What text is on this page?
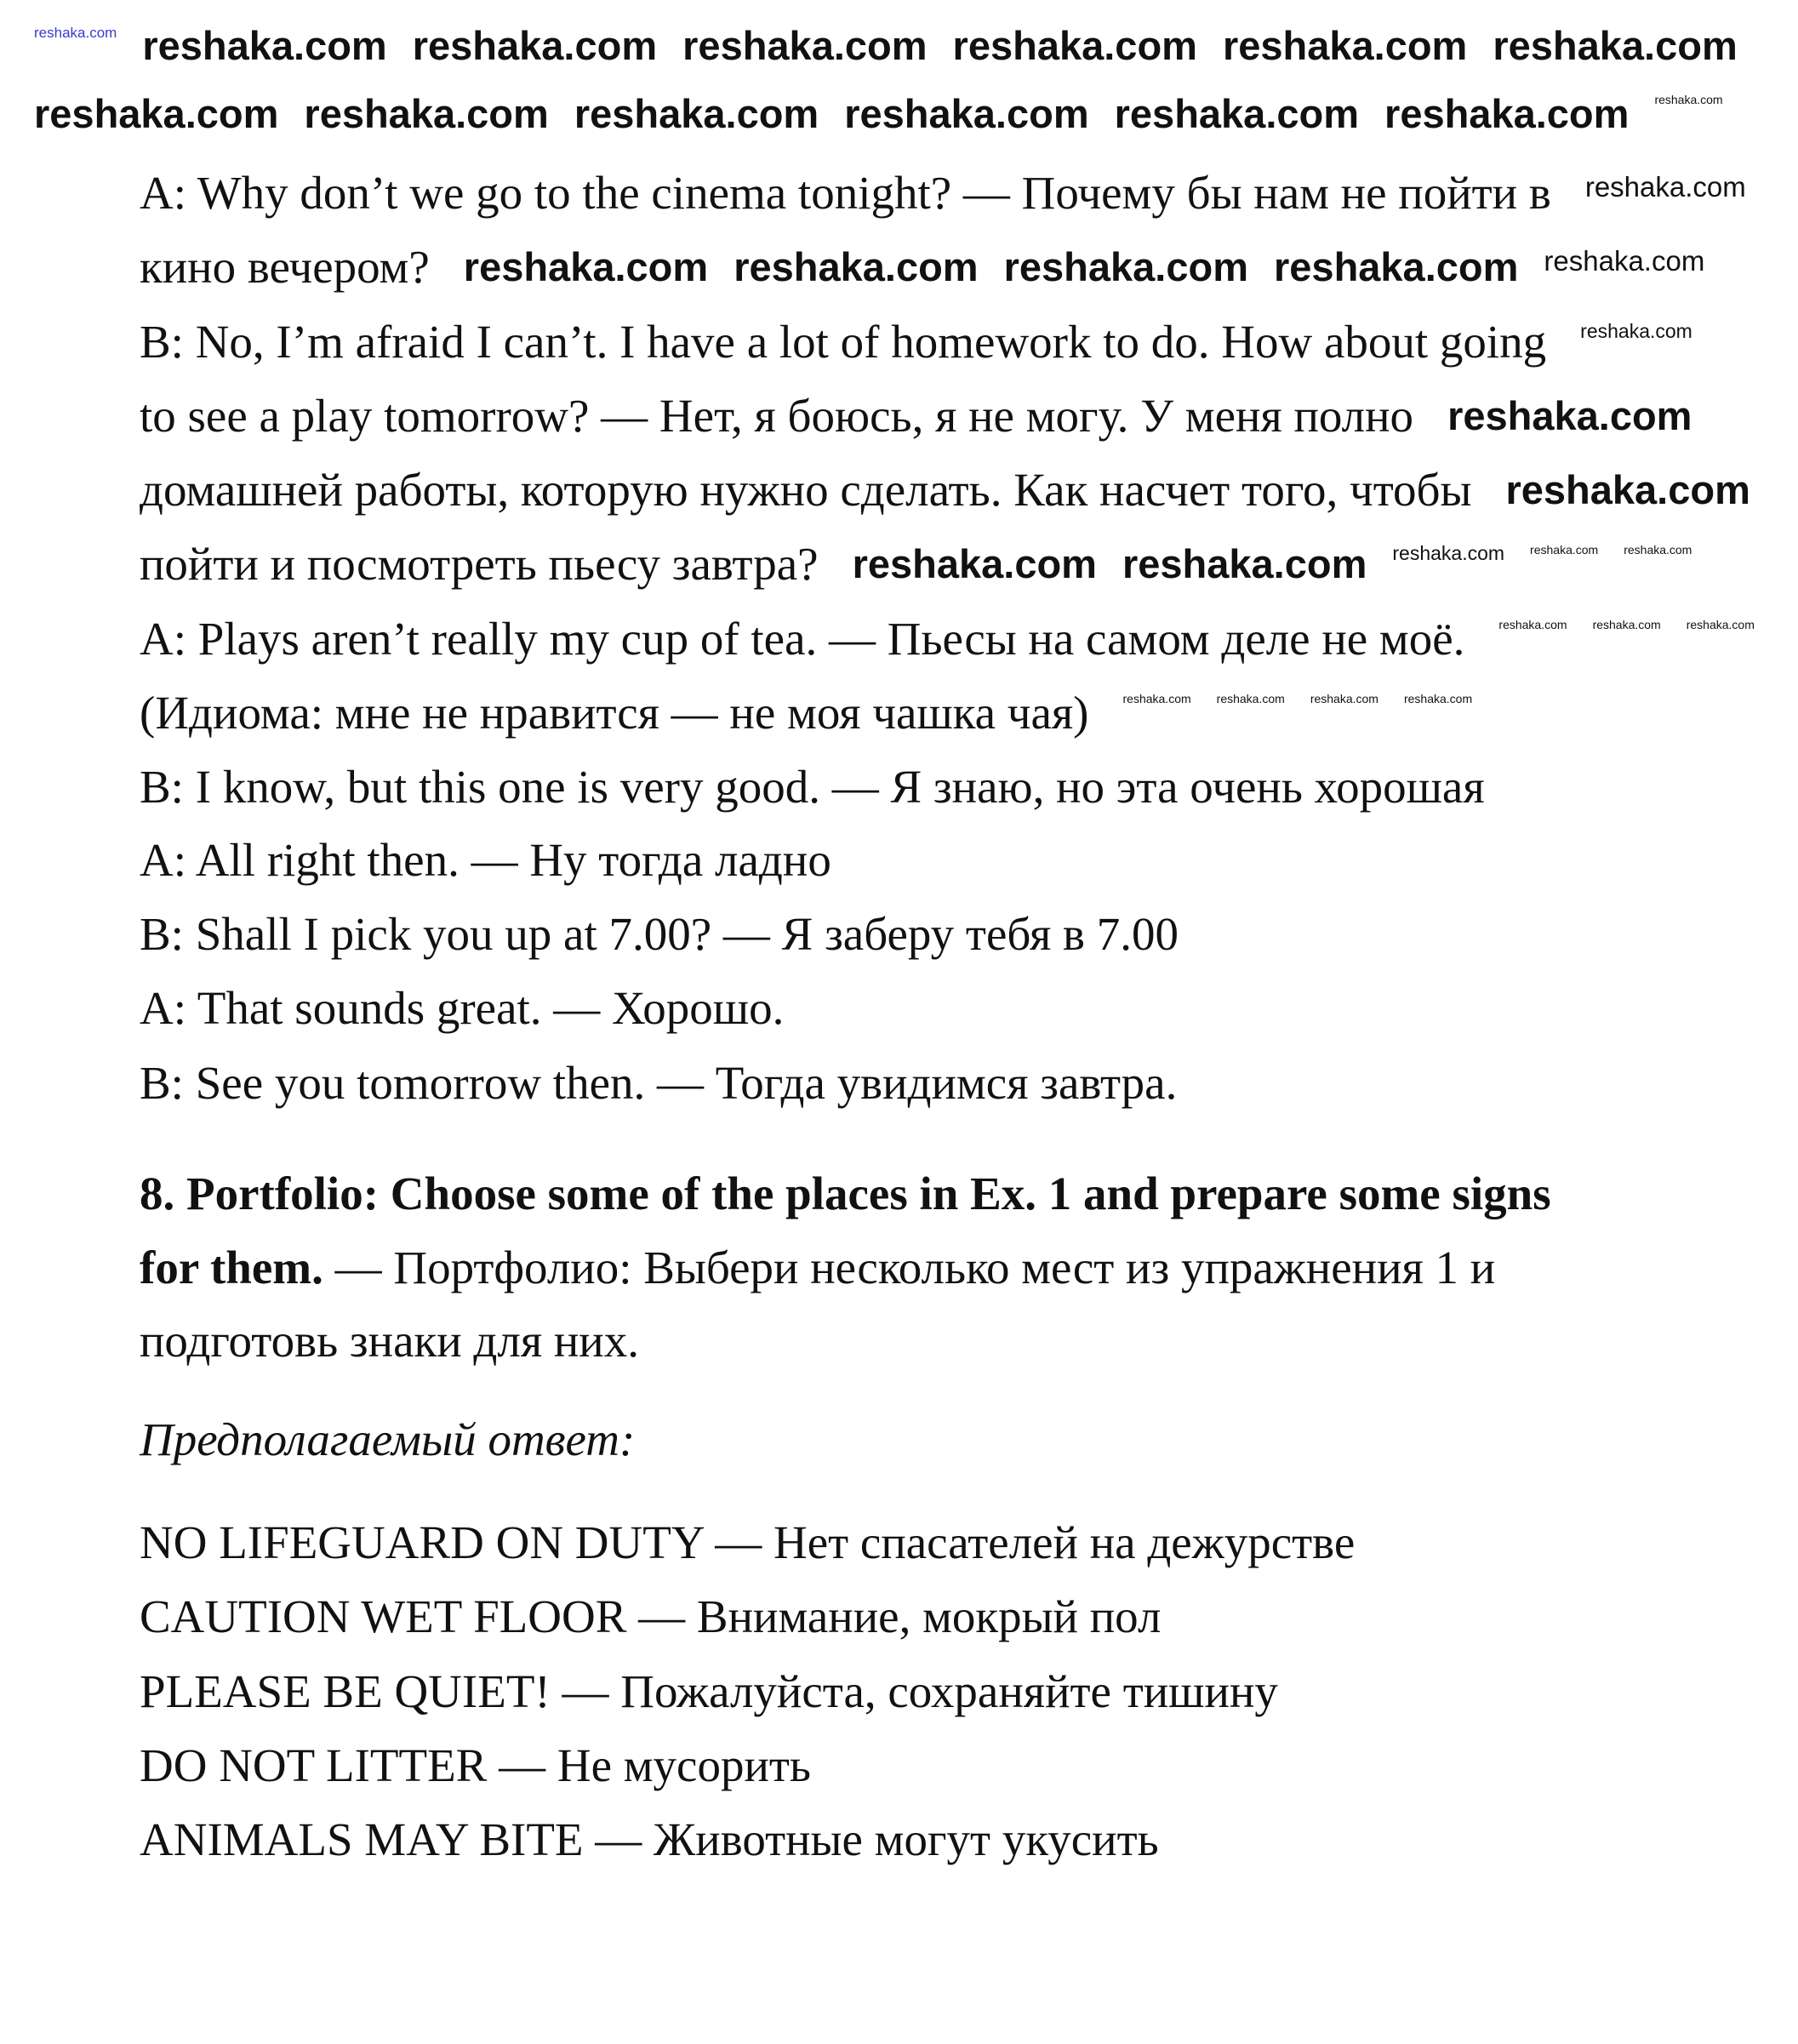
A: Why don’t we go to the cinema tonight? — Почему бы нам не пойти в
кино вечером?
B: No, I’m afraid I can’t. I have a lot of homework to do. How about going
to see a play tomorrow? — Нет, я боюсь, я не могу. У меня полно
домашней работы, которую нужно сделать. Как насчет того, чтобы
пойти и посмотреть пьесу завтра?
A: Plays aren’t really my cup of tea. — Пьесы на самом деле не моё.
(Идиома: мне не нравится — не моя чашка чая)
B: I know, but this one is very good. — Я знаю, но эта очень хорошая
A: All right then. — Ну тогда ладно
B: Shall I pick you up at 7.00? — Я заберу тебя в 7.00
A: That sounds great. — Хорошо.
B: See you tomorrow then. — Тогда увидимся завтра.
8. Portfolio: Choose some of the places in Ex. 1 and prepare some signs
for them. — Портфолио: Выбери несколько мест из упражнения 1 и
подготовь знаки для них.
Предполагаемый ответ:
NO LIFEGUARD ON DUTY — Нет спасателей на дежурстве
CAUTION WET FLOOR — Внимание, мокрый пол
PLEASE BE QUIET! — Пожалуйста, сохраняйте тишину
DO NOT LITTER — Не мусорить
ANIMALS MAY BITE — Животные могут укусить
reshaka.com reshaka.com reshaka.com reshaka.com reshaka.com reshaka.com reshaka.com
reshaka.com reshaka.com reshaka.com reshaka.com reshaka.com reshaka.com
reshaka.com reshaka.com reshaka.com reshaka.com
reshaka.com
reshaka.com
reshaka.com reshaka.com
reshaka.com
reshaka.com
reshaka.com
reshaka.com
reshaka.com
reshaka.com reshaka.com
reshaka.com reshaka.com reshaka.com
reshaka.com reshaka.com reshaka.com reshaka.com
